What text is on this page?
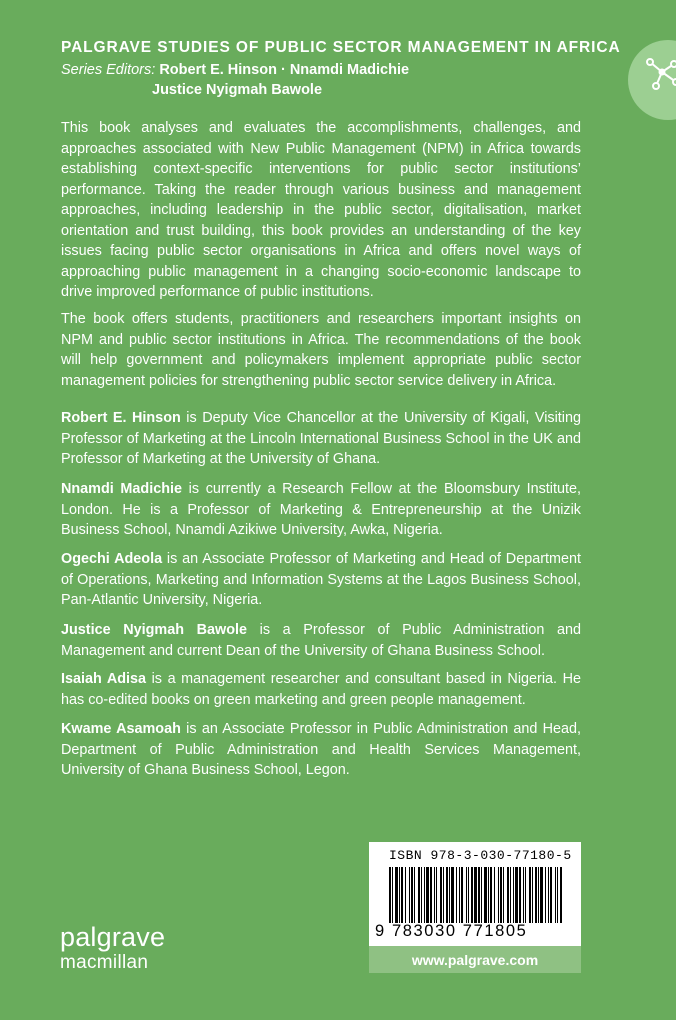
PALGRAVE STUDIES OF PUBLIC SECTOR MANAGEMENT IN AFRICA
Series Editors: Robert E. Hinson · Nnamdi Madichie
Justice Nyigmah Bawole

This book analyses and evaluates the accomplishments, challenges, and approaches associated with New Public Management (NPM) in Africa towards establishing context-specific interventions for public sector institutions’ performance. Taking the reader through various business and management approaches, including leadership in the public sector, digitalisation, market orientation and trust building, this book provides an understanding of the key issues facing public sector organisations in Africa and offers novel ways of approaching public management in a changing socio-economic landscape to drive improved performance of public institutions.

The book offers students, practitioners and researchers important insights on NPM and public sector institutions in Africa. The recommendations of the book will help government and policymakers implement appropriate public sector management policies for strengthening public sector service delivery in Africa.

Robert E. Hinson is Deputy Vice Chancellor at the University of Kigali, Visiting Professor of Marketing at the Lincoln International Business School in the UK and Professor of Marketing at the University of Ghana.
Nnamdi Madichie is currently a Research Fellow at the Bloomsbury Institute, London. He is a Professor of Marketing & Entrepreneurship at the Unizik Business School, Nnamdi Azikiwe University, Awka, Nigeria.
Ogechi Adeola is an Associate Professor of Marketing and Head of Department of Operations, Marketing and Information Systems at the Lagos Business School, Pan-Atlantic University, Nigeria.
Justice Nyigmah Bawole is a Professor of Public Administration and Management and current Dean of the University of Ghana Business School.
Isaiah Adisa is a management researcher and consultant based in Nigeria. He has co-edited books on green marketing and green people management.
Kwame Asamoah is an Associate Professor in Public Administration and Head, Department of Public Administration and Health Services Management, University of Ghana Business School, Legon.
ISBN 978-3-030-77180-5
9 783030 771805
www.palgrave.com
palgrave
macmillan
